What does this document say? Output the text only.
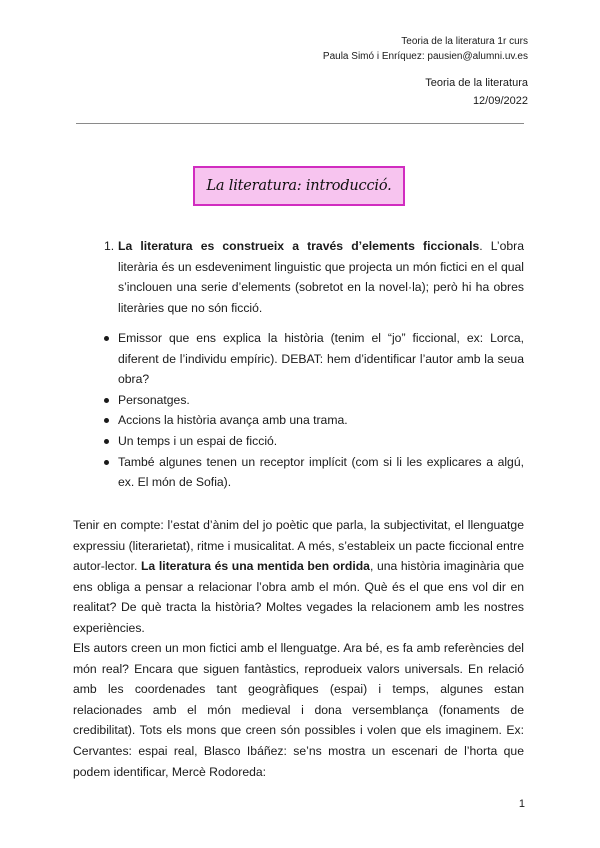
Teoria de la literatura 1r curs
Paula Simó i Enríquez: pausien@alumni.uv.es
Teoria de la literatura
12/09/2022
La literatura: introducció.
1. La literatura es construeix a través d’elements ficcionals. L’obra literària és un esdeveniment linguistic que projecta un món fictici en el qual s’inclouen una serie d’elements (sobretot en la novel·la); però hi ha obres literàries que no són ficció.
Emissor que ens explica la història (tenim el “jo” ficcional, ex: Lorca, diferent de l’individu empíric). DEBAT: hem d’identificar l’autor amb la seua obra?
Personatges.
Accions la història avança amb una trama.
Un temps i un espai de ficció.
També algunes tenen un receptor implícit (com si li les explicares a algú, ex. El món de Sofia).
Tenir en compte: l’estat d’ànim del jo poètic que parla, la subjectivitat, el llenguatge expressiu (literarietat), ritme i musicalitat. A més, s’estableix un pacte ficcional entre autor-lector. La literatura és una mentida ben ordida, una història imaginària que ens obliga a pensar a relacionar l’obra amb el món. Què és el que ens vol dir en realitat? De què tracta la història? Moltes vegades la relacionem amb les nostres experiències.
Els autors creen un mon fictici amb el llenguatge. Ara bé, es fa amb referències del món real? Encara que siguen fantàstics, reprodueix valors universals. En relació amb les coordenades tant geogràfiques (espai) i temps, algunes estan relacionades amb el món medieval i dona versemblança (fonaments de credibilitat). Tots els mons que creen són possibles i volen que els imaginem. Ex: Cervantes: espai real, Blasco Ibáñez: se’ns mostra un escenari de l’horta que podem identificar, Mercè Rodoreda:
1
